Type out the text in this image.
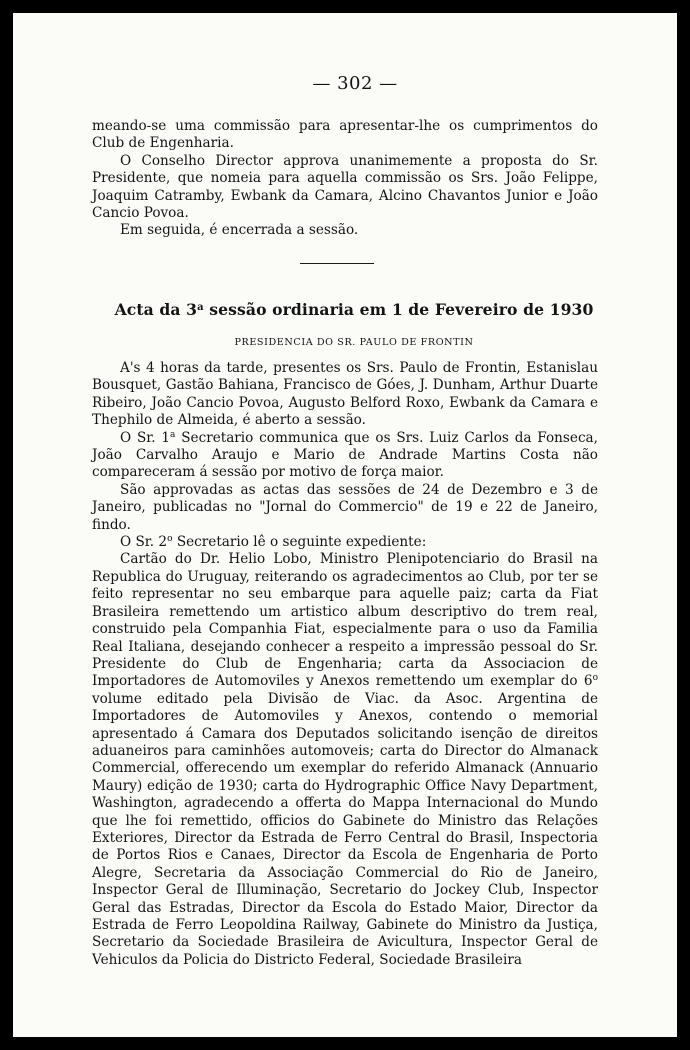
— 302 —

meando-se uma commissão para apresentar-lhe os cumprimentos do Club de Engenharia.

O Conselho Director approva unanimemente a proposta do Sr. Presidente, que nomeia para aquella commissão os Srs. João Felippe, Joaquim Catramby, Ewbank da Camara, Alcino Chavantos Junior e João Cancio Povoa.

Em seguida, é encerrada a sessão.

Acta da 3$^a$ sessão ordinaria em 1 de Fevereiro de 1930
PRESIDENCIA DO SR. PAULO DE FRONTIN

A's 4 horas da tarde, presentes os Srs. Paulo de Frontin, Estanislau Bousquet, Gastão Bahiana, Francisco de Góes, J. Dunham, Arthur Duarte Ribeiro, João Cancio Povoa, Augusto Belford Roxo, Ewbank da Camara e Thephilo de Almeida, é aberto a sessão.

O Sr. 1$^a$ Secretario communica que os Srs. Luiz Carlos da Fonseca, João Carvalho Araujo e Mario de Andrade Martins Costa não compareceram á sessão por motivo de força maior.

São approvadas as actas das sessões de 24 de Dezembro e 3 de Janeiro, publicadas no "Jornal do Commercio" de 19 e 22 de Janeiro, findo.

O Sr. 2$^o$ Secretario lê o seguinte expediente:

Cartão do Dr. Helio Lobo, Ministro Plenipotenciario do Brasil na Republica do Uruguay, reiterando os agradecimentos ao Club, por ter se feito representar no seu embarque para aquelle paiz; carta da Fiat Brasileira remettendo um artistico album descriptivo do trem real, construido pela Companhia Fiat, especialmente para o uso da Familia Real Italiana, desejando conhecer a respeito a impressão pessoal do Sr. Presidente do Club de Engenharia; carta da Associacion de Importadores de Automoviles y Anexos remettendo um exemplar do 6$^o$ volume editado pela Divisão de Viac. da Asoc. Argentina de Importadores de Automoviles y Anexos, contendo o memorial apresentado á Camara dos Deputados solicitando isenção de direitos aduaneiros para caminhões automoveis; carta do Director do Almanack Commercial, offerecendo um exemplar do referido Almanack (Annuario Maury) edição de 1930; carta do Hydrographic Office Navy Department, Washington, agradecendo a offerta do Mappa Internacional do Mundo que lhe foi remettido, officios do Gabinete do Ministro das Relações Exteriores, Director da Estrada de Ferro Central do Brasil, Inspectoria de Portos Rios e Canaes, Director da Escola de Engenharia de Porto Alegre, Secretaria da Associação Commercial do Rio de Janeiro, Inspector Geral de Illuminação, Secretario do Jockey Club, Inspector Geral das Estradas, Director da Escola do Estado Maior, Director da Estrada de Ferro Leopoldina Railway, Gabinete do Ministro da Justiça, Secretario da Sociedade Brasileira de Avicultura, Inspector Geral de Vehiculos da Policia do Districto Federal, Sociedade Brasileira
